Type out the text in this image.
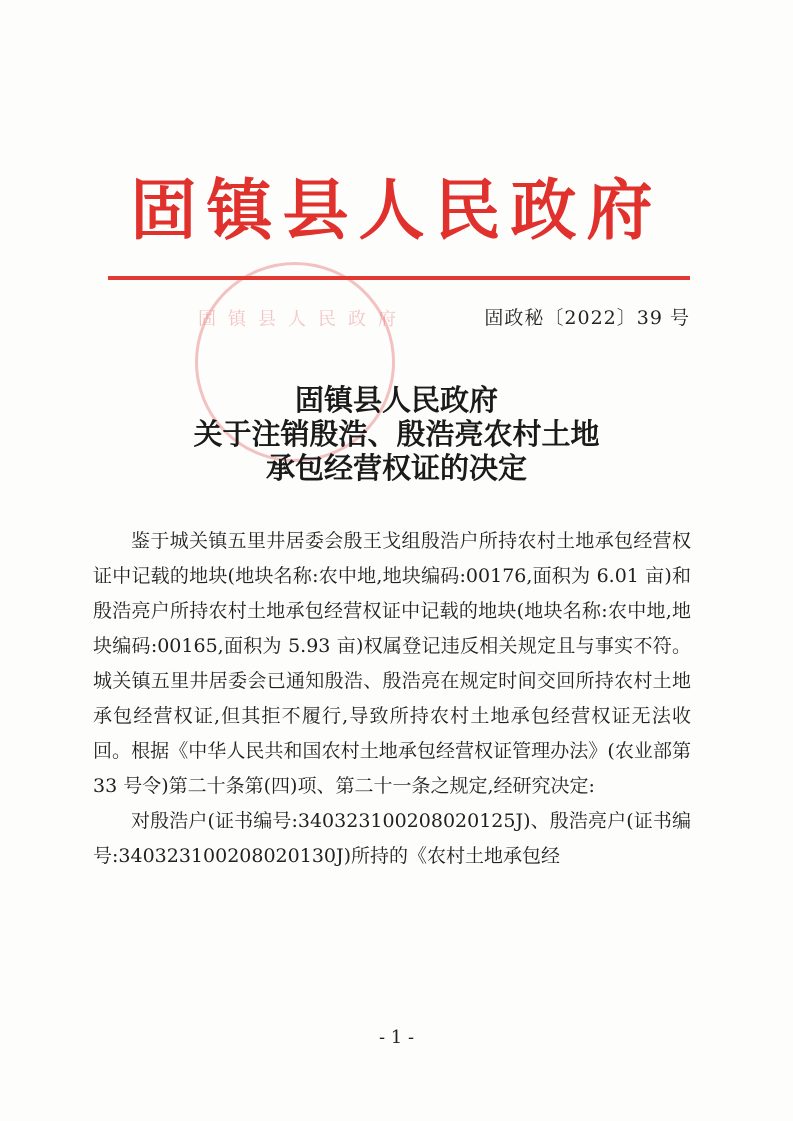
固镇县人民政府
固镇县人民政府
固政秘〔2022〕39 号
固镇县人民政府
关于注销殷浩、殷浩亮农村土地
承包经营权证的决定

鉴于城关镇五里井居委会殷王戈组殷浩户所持农村土地承包经营权证中记载的地块(地块名称:农中地,地块编码:00176,面积为 6.01 亩)和殷浩亮户所持农村土地承包经营权证中记载的地块(地块名称:农中地,地块编码:00165,面积为 5.93 亩)权属登记违反相关规定且与事实不符。城关镇五里井居委会已通知殷浩、殷浩亮在规定时间交回所持农村土地承包经营权证,但其拒不履行,导致所持农村土地承包经营权证无法收回。根据《中华人民共和国农村土地承包经营权证管理办法》(农业部第 33 号令)第二十条第(四)项、第二十一条之规定,经研究决定:

对殷浩户(证书编号:340323100208020125J)、殷浩亮户(证书编号:340323100208020130J)所持的《农村土地承包经

- 1 -
